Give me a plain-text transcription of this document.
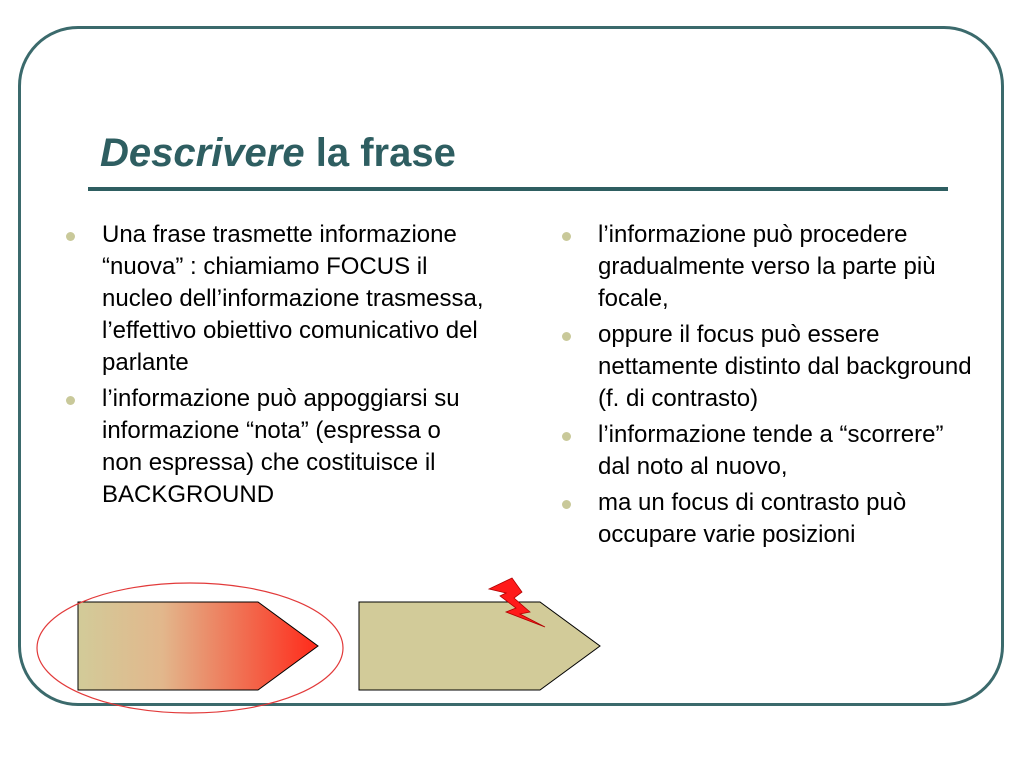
Descrivere la frase
Una frase trasmette informazione “nuova” : chiamiamo FOCUS il nucleo dell’informazione trasmessa, l’effettivo obiettivo comunicativo del parlante
l’informazione può appoggiarsi su informazione “nota” (espressa o non espressa) che costituisce il BACKGROUND
l’informazione può procedere gradualmente verso la parte più focale,
oppure il focus può essere nettamente distinto dal background (f. di contrasto)
l’informazione tende a “scorrere” dal noto al nuovo,
ma un focus di contrasto può occupare varie posizioni
